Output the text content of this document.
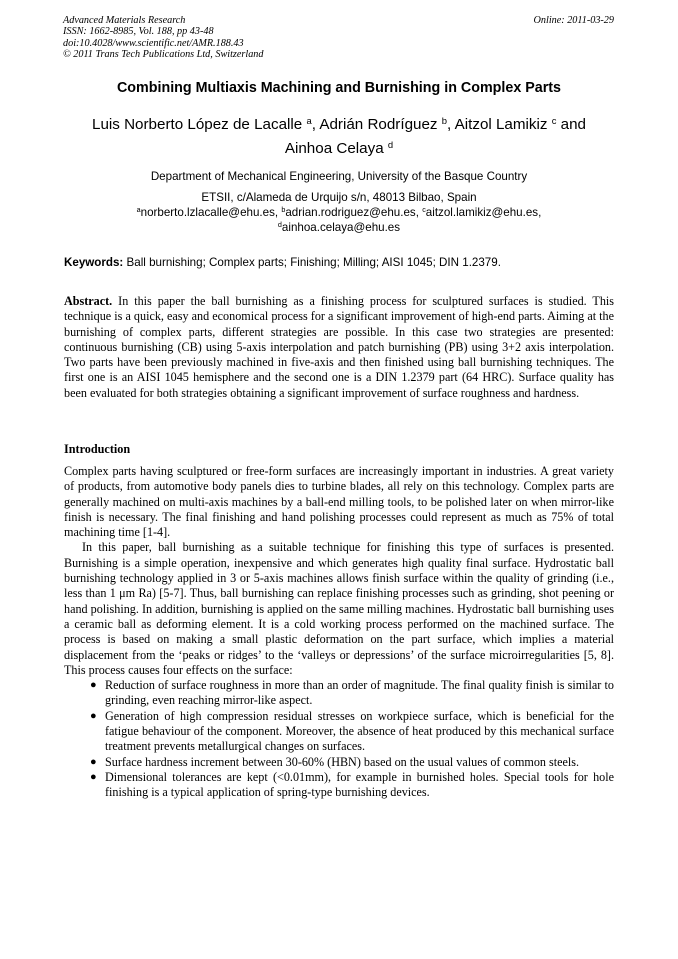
Advanced Materials Research
ISSN: 1662-8985, Vol. 188, pp 43-48
doi:10.4028/www.scientific.net/AMR.188.43
© 2011 Trans Tech Publications Ltd, Switzerland
Online: 2011-03-29
Combining Multiaxis Machining and Burnishing in Complex Parts
Luis Norberto López de Lacalle $^a$, Adrián Rodríguez $^b$, Aitzol Lamikiz $^c$ and
Ainhoa Celaya $^d$
Department of Mechanical Engineering, University of the Basque Country
ETSII, c/Alameda de Urquijo s/n, 48013 Bilbao, Spain
$^a$norberto.lzlacalle@ehu.es, $^b$adrian.rodriguez@ehu.es, $^c$aitzol.lamikiz@ehu.es,
$^d$ainhoa.celaya@ehu.es
Keywords: Ball burnishing; Complex parts; Finishing; Milling; AISI 1045; DIN 1.2379.
Abstract. In this paper the ball burnishing as a finishing process for sculptured surfaces is studied. This technique is a quick, easy and economical process for a significant improvement of high-end parts. Aiming at the burnishing of complex parts, different strategies are possible. In this case two strategies are presented: continuous burnishing (CB) using 5-axis interpolation and patch burnishing (PB) using 3+2 axis interpolation. Two parts have been previously machined in five-axis and then finished using ball burnishing techniques. The first one is an AISI 1045 hemisphere and the second one is a DIN 1.2379 part (64 HRC). Surface quality has been evaluated for both strategies obtaining a significant improvement of surface roughness and hardness.
Introduction

Complex parts having sculptured or free-form surfaces are increasingly important in industries. A great variety of products, from automotive body panels dies to turbine blades, all rely on this technology. Complex parts are generally machined on multi-axis machines by a ball-end milling tools, to be polished later on when mirror-like finish is necessary. The final finishing and hand polishing processes could represent as much as 75% of total machining time [1-4].

In this paper, ball burnishing as a suitable technique for finishing this type of surfaces is presented. Burnishing is a simple operation, inexpensive and which generates high quality final surface. Hydrostatic ball burnishing technology applied in 3 or 5-axis machines allows finish surface within the quality of grinding (i.e., less than 1 μm Ra) [5-7]. Thus, ball burnishing can replace finishing processes such as grinding, shot peening or hand polishing. In addition, burnishing is applied on the same milling machines. Hydrostatic ball burnishing uses a ceramic ball as deforming element. It is a cold working process performed on the machined surface. The process is based on making a small plastic deformation on the part surface, which implies a material displacement from the ‘peaks or ridges’ to the ‘valleys or depressions’ of the surface microirregularities [5, 8]. This process causes four effects on the surface:

● Reduction of surface roughness in more than an order of magnitude. The final quality finish is similar to grinding, even reaching mirror-like aspect.
● Generation of high compression residual stresses on workpiece surface, which is beneficial for the fatigue behaviour of the component. Moreover, the absence of heat produced by this mechanical surface treatment prevents metallurgical changes on surfaces.
● Surface hardness increment between 30-60% (HBN) based on the usual values of common steels.
● Dimensional tolerances are kept (<0.01mm), for example in burnished holes. Special tools for hole finishing is a typical application of spring-type burnishing devices.
